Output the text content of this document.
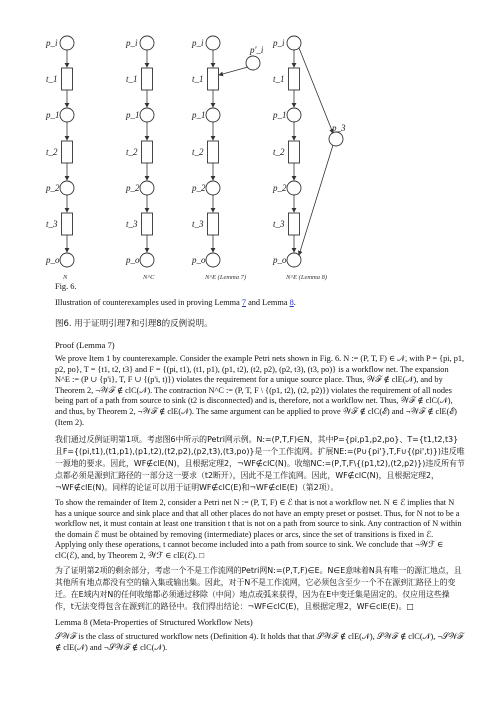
p_i
p_1
p_2
p_o
t_1
t_2
t_3
N
p_i
p_1
p_2
p_o
t_1
t_2
t_3
N^C
p_i
p_1
p_2
p_o
t_1
t_2
t_3
N^E (Lemma 7)
p'_i
p_i
p_1
p_2
p_o
t_1
t_2
t_3
N^E (Lemma 8)
p_3
Fig. 6.
Illustration of counterexamples used in proving Lemma 7 and Lemma 8.
图6. 用于证明引理7和引理8的反例说明。
Proof (Lemma 7)
We prove Item 1 by counterexample. Consider the example Petri nets shown in Fig. 6. N := (P, T, F) ∈ 𝒩, with P = {pi, p1, p2, po}, T = {t1, t2, t3} and F = {(pi, t1), (t1, p1), (p1, t2), (t2, p2), (p2, t3), (t3, po)} is a workflow net. The expansion N^E := (P ∪ {p'i}, T, F ∪ {(p'i, t)}) violates the requirement for a unique source place. Thus, 𝒲ℱ ∉ clE(𝒩), and by Theorem 2, ¬𝒲ℱ ∉ clC(𝒩). The contraction N^C := (P, T, F \ {(p1, t2), (t2, p2)}) violates the requirement of all nodes being part of a path from source to sink (t2 is disconnected) and is, therefore, not a workflow net. Thus, 𝒲ℱ ∉ clC(𝒩), and thus, by Theorem 2, ¬𝒲ℱ ∉ clE(𝒩). The same argument can be applied to prove 𝒲ℱ ∉ clC(ℰ) and ¬𝒲ℱ ∉ clE(ℰ) (Item 2).
我们通过反例证明第1项。考虑图6中所示的Petri网示例。N:=(P,T,F)∈N，其中P={pi,p1,p2,po}、T={t1,t2,t3}且F={(pi,t1),(t1,p1),(p1,t2),(t2,p2),(p2,t3),(t3,po)}是一个工作流网。扩展NE:=(P∪{pi'},T,F∪{(pi',t)})违反唯一源地的要求。因此，WF∉clE(N)，且根据定理2，¬WF∉clC(N)。收缩NC:=(P,T,F\{(p1,t2),(t2,p2)})违反所有节点都必须是源到汇路径的一部分这一要求（t2断开），因此不是工作流网。因此，WF∉clC(N)，且根据定理2，¬WF∉clE(N)。同样的论证可以用于证明WF∉clC(E)和¬WF∉clE(E)（第2项）。
To show the remainder of Item 2, consider a Petri net N := (P, T, F) ∈ ℰ that is not a workflow net. N ∈ ℰ implies that N has a unique source and sink place and that all other places do not have an empty preset or postset. Thus, for N not to be a workflow net, it must contain at least one transition t that is not on a path from source to sink. Any contraction of N within the domain ℰ must be obtained by removing (intermediate) places or arcs, since the set of transitions is fixed in ℰ. Applying only these operations, t cannot become included into a path from source to sink. We conclude that ¬𝒲ℱ ∈ clC(ℰ), and, by Theorem 2, 𝒲ℱ ∈ clE(ℰ). □
为了证明第2项的剩余部分，考虑一个不是工作流网的Petri网N:=(P,T,F)∈E。N∈E意味着N具有唯一的源汇地点，且其他所有地点都没有空的输入集或输出集。因此，对于N不是工作流网，它必须包含至少一个不在源到汇路径上的变迁。在E域内对N的任何收缩都必须通过移除（中间）地点或弧来获得，因为在E中变迁集是固定的。仅应用这些操作，t无法变得包含在源到汇的路径中。我们得出结论：¬WF∈clC(E)，且根据定理2，WF∈clE(E)。□
Lemma 8 (Meta-Properties of Structured Workflow Nets)
𝒮𝒲ℱ is the class of structured workflow nets (Definition 4). It holds that that 𝒮𝒲ℱ ∉ clE(𝒩), 𝒮𝒲ℱ ∉ clC(𝒩), ¬𝒮𝒲ℱ ∉ clE(𝒩) and ¬𝒮𝒲ℱ ∉ clC(𝒩).
